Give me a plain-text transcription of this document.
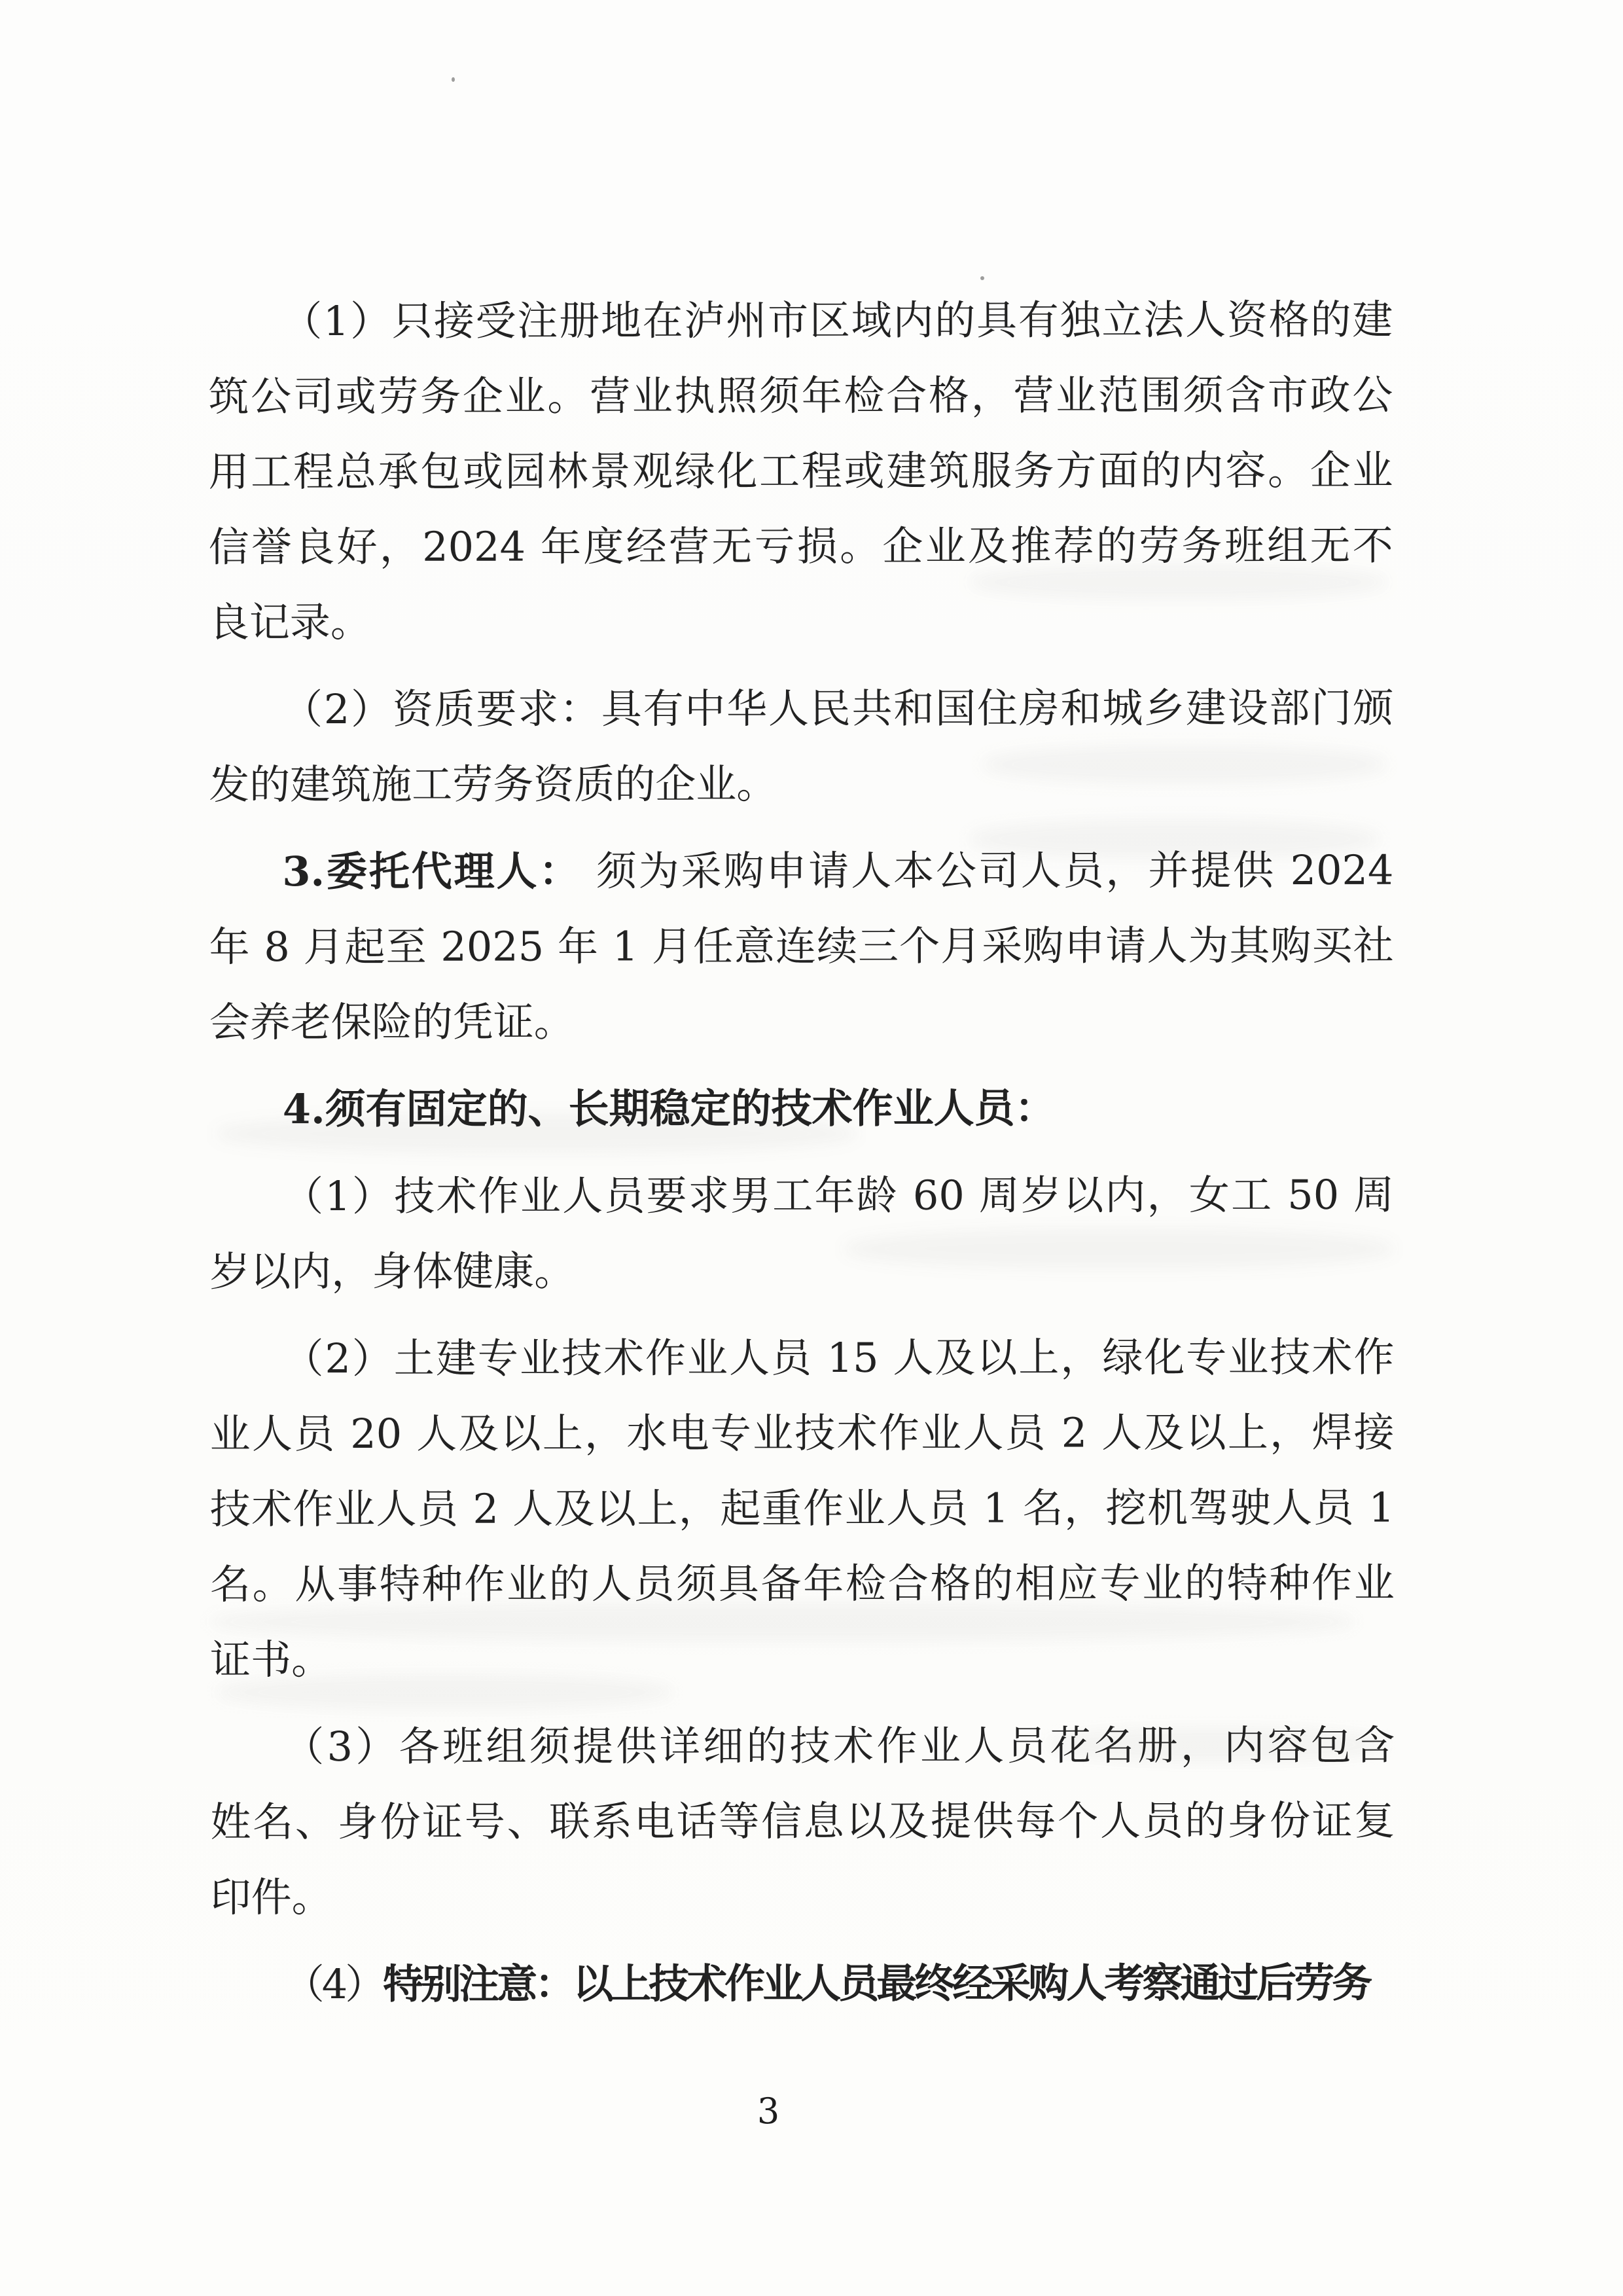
（1）只接受注册地在泸州市区域内的具有独立法人资格的建
筑公司或劳务企业。营业执照须年检合格，营业范围须含市政公
用工程总承包或园林景观绿化工程或建筑服务方面的内容。企业
信誉良好，2024 年度经营无亏损。企业及推荐的劳务班组无不
良记录。
（2）资质要求：具有中华人民共和国住房和城乡建设部门颁
发的建筑施工劳务资质的企业。
3.委托代理人： 须为采购申请人本公司人员，并提供 2024
年 8 月起至 2025 年 1 月任意连续三个月采购申请人为其购买社
会养老保险的凭证。
4.须有固定的、长期稳定的技术作业人员：
（1）技术作业人员要求男工年龄 60 周岁以内，女工 50 周
岁以内，身体健康。
（2）土建专业技术作业人员 15 人及以上，绿化专业技术作
业人员 20 人及以上，水电专业技术作业人员 2 人及以上，焊接
技术作业人员 2 人及以上，起重作业人员 1 名，挖机驾驶人员 1
名。从事特种作业的人员须具备年检合格的相应专业的特种作业
证书。
（3）各班组须提供详细的技术作业人员花名册，内容包含
姓名、身份证号、联系电话等信息以及提供每个人员的身份证复
印件。
（4）特别注意：以上技术作业人员最终经采购人考察通过后劳务
3
